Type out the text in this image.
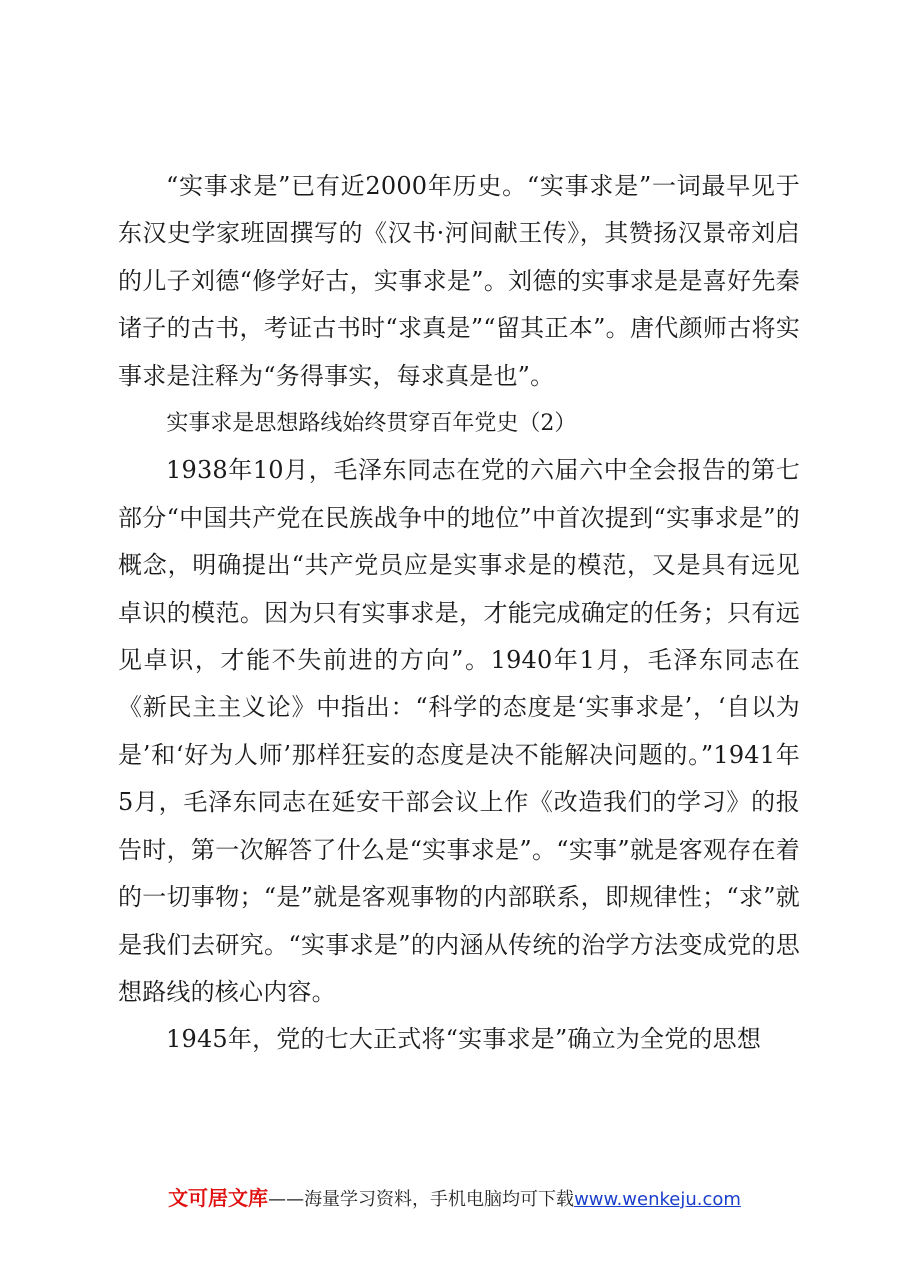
“实事求是”已有近2000年历史。“实事求是”一词最早见于东汉史学家班固撰写的《汉书·河间献王传》，其赞扬汉景帝刘启的儿子刘德“修学好古，实事求是”。刘德的实事求是是喜好先秦诸子的古书，考证古书时“求真是”“留其正本”。唐代颜师古将实事求是注释为“务得事实，每求真是也”。

实事求是思想路线始终贯穿百年党史（2）

1938年10月，毛泽东同志在党的六届六中全会报告的第七部分“中国共产党在民族战争中的地位”中首次提到“实事求是”的概念，明确提出“共产党员应是实事求是的模范，又是具有远见卓识的模范。因为只有实事求是，才能完成确定的任务；只有远见卓识，才能不失前进的方向”。1940年1月，毛泽东同志在《新民主主义论》中指出：“科学的态度是‘实事求是’，‘自以为是’和‘好为人师’那样狂妄的态度是决不能解决问题的。”1941年5月，毛泽东同志在延安干部会议上作《改造我们的学习》的报告时，第一次解答了什么是“实事求是”。“实事”就是客观存在着的一切事物；“是”就是客观事物的内部联系，即规律性；“求”就是我们去研究。“实事求是”的内涵从传统的治学方法变成党的思想路线的核心内容。

1945年，党的七大正式将“实事求是”确立为全党的思想

文可居文库——海量学习资料，手机电脑均可下载www.wenkeju.com
